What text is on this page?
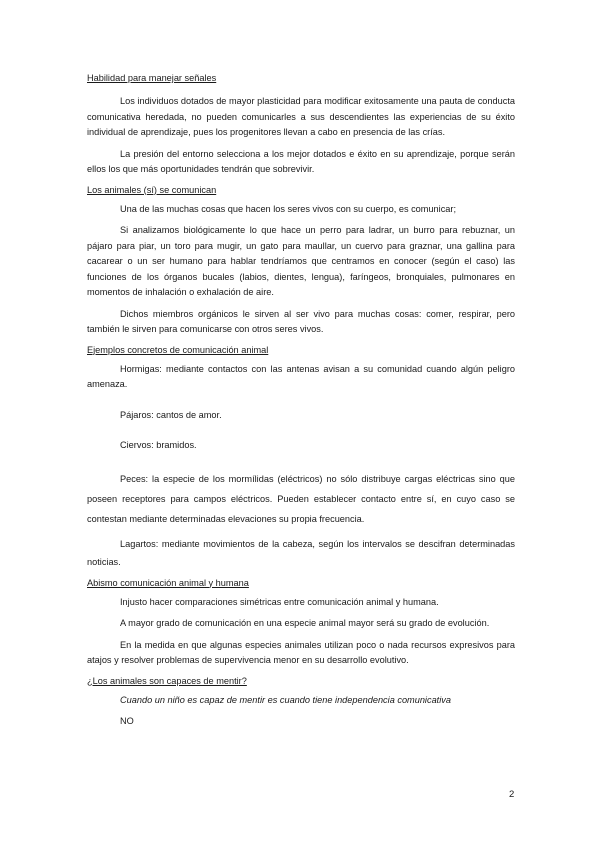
Habilidad para manejar señales

Los individuos dotados de mayor plasticidad para modificar exitosamente una pauta de conducta comunicativa heredada, no pueden comunicarles a sus descendientes las experiencias de su éxito individual de aprendizaje, pues los progenitores llevan a cabo en presencia de las crías.

La presión del entorno selecciona a los mejor dotados e éxito en su aprendizaje, porque serán ellos los que más oportunidades tendrán que sobrevivir.

Los animales (sí) se comunican

Una de las muchas cosas que hacen los seres vivos con su cuerpo, es comunicar;

Si analizamos biológicamente lo que hace un perro para ladrar, un burro para rebuznar, un pájaro para piar, un toro para mugir, un gato para maullar, un cuervo para graznar, una gallina para cacarear o un ser humano para hablar tendríamos que centramos en conocer (según el caso) las funciones de los órganos bucales (labios, dientes, lengua), faríngeos, bronquiales, pulmonares en momentos de inhalación o exhalación de aire.

Dichos miembros orgánicos le sirven al ser vivo para muchas cosas: comer, respirar, pero también le sirven para comunicarse con otros seres vivos.

Ejemplos concretos de comunicación animal

Hormigas: mediante contactos con las antenas avisan a su comunidad cuando algún peligro amenaza.

Pájaros: cantos de amor.

Ciervos: bramidos.

Peces: la especie de los mormílidas (eléctricos) no sólo distribuye cargas eléctricas sino que poseen receptores para campos eléctricos. Pueden establecer contacto entre sí, en cuyo caso se contestan mediante determinadas elevaciones su propia frecuencia.

Lagartos: mediante movimientos de la cabeza, según los intervalos se descifran determinadas noticias.

Abismo comunicación animal y humana

Injusto hacer comparaciones simétricas entre comunicación animal y humana.

A mayor grado de comunicación en una especie animal mayor será su grado de evolución.

En la medida en que algunas especies animales utilizan poco o nada recursos expresivos para atajos y resolver problemas de supervivencia menor en su desarrollo evolutivo.

¿Los animales son capaces de mentir?

Cuando un niño es capaz de mentir es cuando tiene independencia comunicativa

NO

2
